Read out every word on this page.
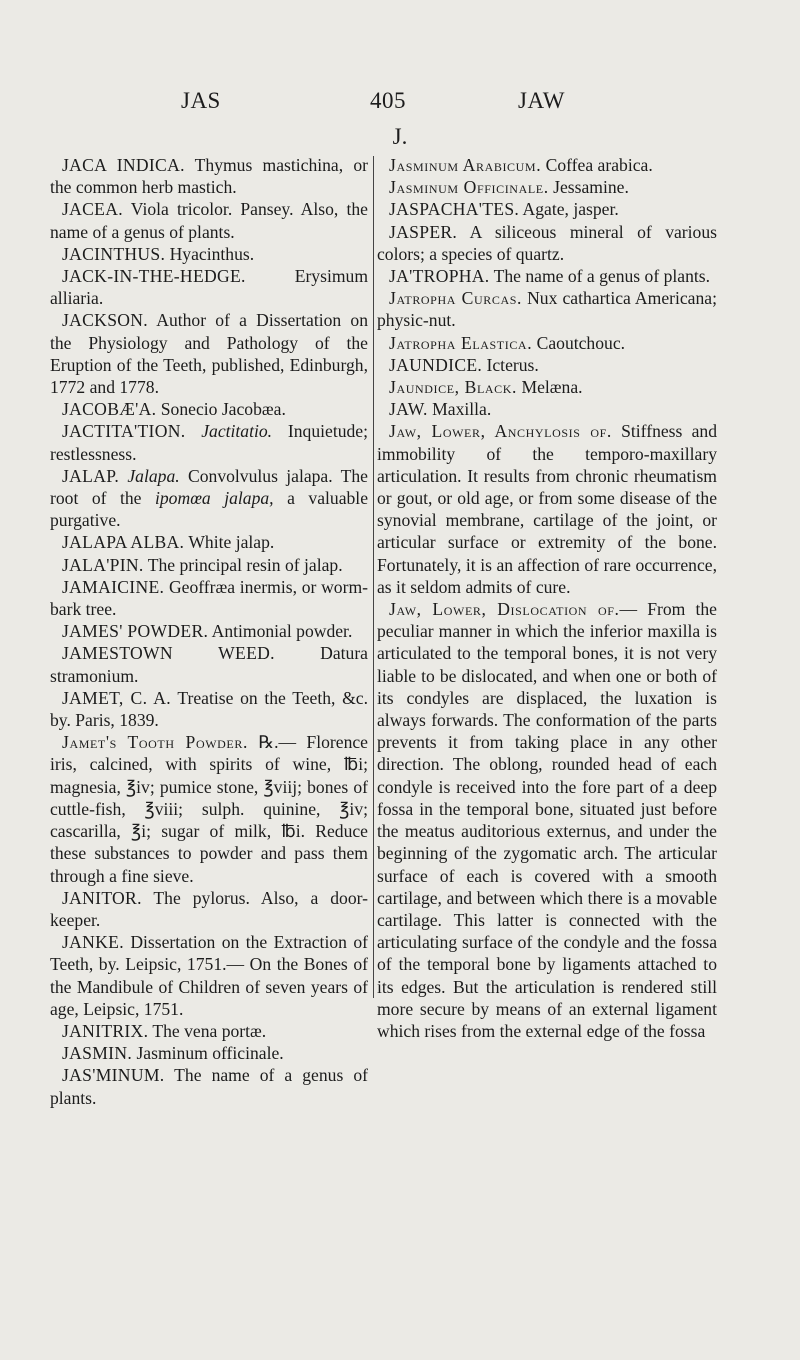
JAS	405	JAW
J.

JACA INDICA. Thymus mastichina, or the common herb mastich.

JACEA. Viola tricolor. Pansey. Also, the name of a genus of plants.

JACINTHUS. Hyacinthus.

JACK-IN-THE-HEDGE. Erysimum alliaria.

JACKSON. Author of a Dissertation on the Physiology and Pathology of the Eruption of the Teeth, published, Edinburgh, 1772 and 1778.

JACOBÆ'A. Sonecio Jacobæa.

JACTITA'TION. Jactitatio. Inquietude; restlessness.

JALAP. Jalapa. Convolvulus jalapa. The root of the ipomœa jalapa, a valuable purgative.

JALAPA ALBA. White jalap.

JALA'PIN. The principal resin of jalap.

JAMAICINE. Geoffræa inermis, or worm-bark tree.

JAMES' POWDER. Antimonial powder.

JAMESTOWN WEED. Datura stramonium.

JAMET, C. A. Treatise on the Teeth, &c. by. Paris, 1839.

Jamet's Tooth Powder. ℞.— Florence iris, calcined, with spirits of wine, ℔i; magnesia, ℥iv; pumice stone, ℥viij; bones of cuttle-fish, ℥viii; sulph. quinine, ℥iv; cascarilla, ℥i; sugar of milk, ℔i. Reduce these substances to powder and pass them through a fine sieve.

JANITOR. The pylorus. Also, a door-keeper.

JANKE. Dissertation on the Extraction of Teeth, by. Leipsic, 1751.— On the Bones of the Mandibule of Children of seven years of age, Leipsic, 1751.

JANITRIX. The vena portæ.

JASMIN. Jasminum officinale.

JAS'MINUM. The name of a genus of plants.

Jasminum Arabicum. Coffea arabica.

Jasminum Officinale. Jessamine.

JASPACHA'TES. Agate, jasper.

JASPER. A siliceous mineral of various colors; a species of quartz.

JA'TROPHA. The name of a genus of plants.

Jatropha Curcas. Nux cathartica Americana; physic-nut.

Jatropha Elastica. Caoutchouc.

JAUNDICE. Icterus.

Jaundice, Black. Melæna.

JAW. Maxilla.

Jaw, Lower, Anchylosis of. Stiffness and immobility of the temporo-maxillary articulation. It results from chronic rheumatism or gout, or old age, or from some disease of the synovial membrane, cartilage of the joint, or articular surface or extremity of the bone. Fortunately, it is an affection of rare occurrence, as it seldom admits of cure.

Jaw, Lower, Dislocation of.— From the peculiar manner in which the inferior maxilla is articulated to the temporal bones, it is not very liable to be dislocated, and when one or both of its condyles are displaced, the luxation is always forwards. The conformation of the parts prevents it from taking place in any other direction. The oblong, rounded head of each condyle is received into the fore part of a deep fossa in the temporal bone, situated just before the meatus auditorious externus, and under the beginning of the zygomatic arch. The articular surface of each is covered with a smooth cartilage, and between which there is a movable cartilage. This latter is connected with the articulating surface of the condyle and the fossa of the temporal bone by ligaments attached to its edges. But the articulation is rendered still more secure by means of an external ligament which rises from the external edge of the fossa
